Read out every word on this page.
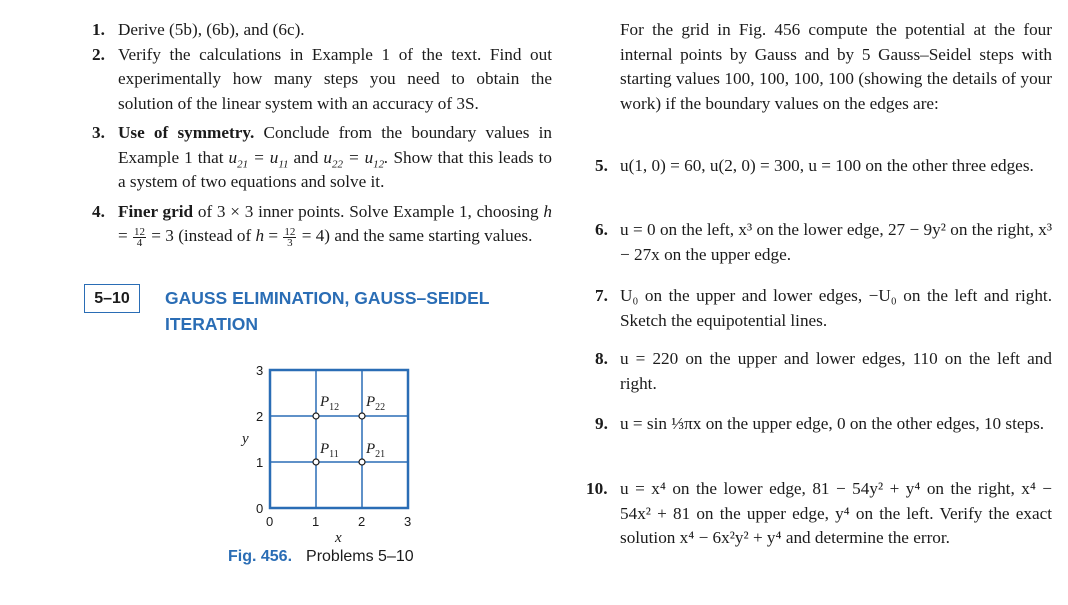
1. Derive (5b), (6b), and (6c).
2. Verify the calculations in Example 1 of the text. Find out experimentally how many steps you need to obtain the solution of the linear system with an accuracy of 3S.
3. Use of symmetry. Conclude from the boundary values in Example 1 that $u_{21} = u_{11}$ and $u_{22} = u_{12}$. Show that this leads to a system of two equations and solve it.
4. Finer grid of 3 × 3 inner points. Solve Example 1, choosing $h = \frac{12}{4} = 3$ (instead of $h = \frac{12}{3} = 4$) and the same starting values.
5–10	GAUSS ELIMINATION, GAUSS–SEIDEL ITERATION
$P_{12}$ $P_{22}$
$P_{11}$ $P_{21}$
3
2
1
0
y
0	1	2	3
x
Fig. 456. Problems 5–10
For the grid in Fig. 456 compute the potential at the four internal points by Gauss and by 5 Gauss–Seidel steps with starting values 100, 100, 100, 100 (showing the details of your work) if the boundary values on the edges are:
5. u(1, 0) = 60, u(2, 0) = 300, u = 100 on the other three edges.
6. u = 0 on the left, x³ on the lower edge, 27 − 9y² on the right, x³ − 27x on the upper edge.
7. U₀ on the upper and lower edges, −U₀ on the left and right. Sketch the equipotential lines.
8. u = 220 on the upper and lower edges, 110 on the left and right.
9. u = sin ⅓πx on the upper edge, 0 on the other edges, 10 steps.
10. u = x⁴ on the lower edge, 81 − 54y² + y⁴ on the right, x⁴ − 54x² + 81 on the upper edge, y⁴ on the left. Verify the exact solution x⁴ − 6x²y² + y⁴ and determine the error.
